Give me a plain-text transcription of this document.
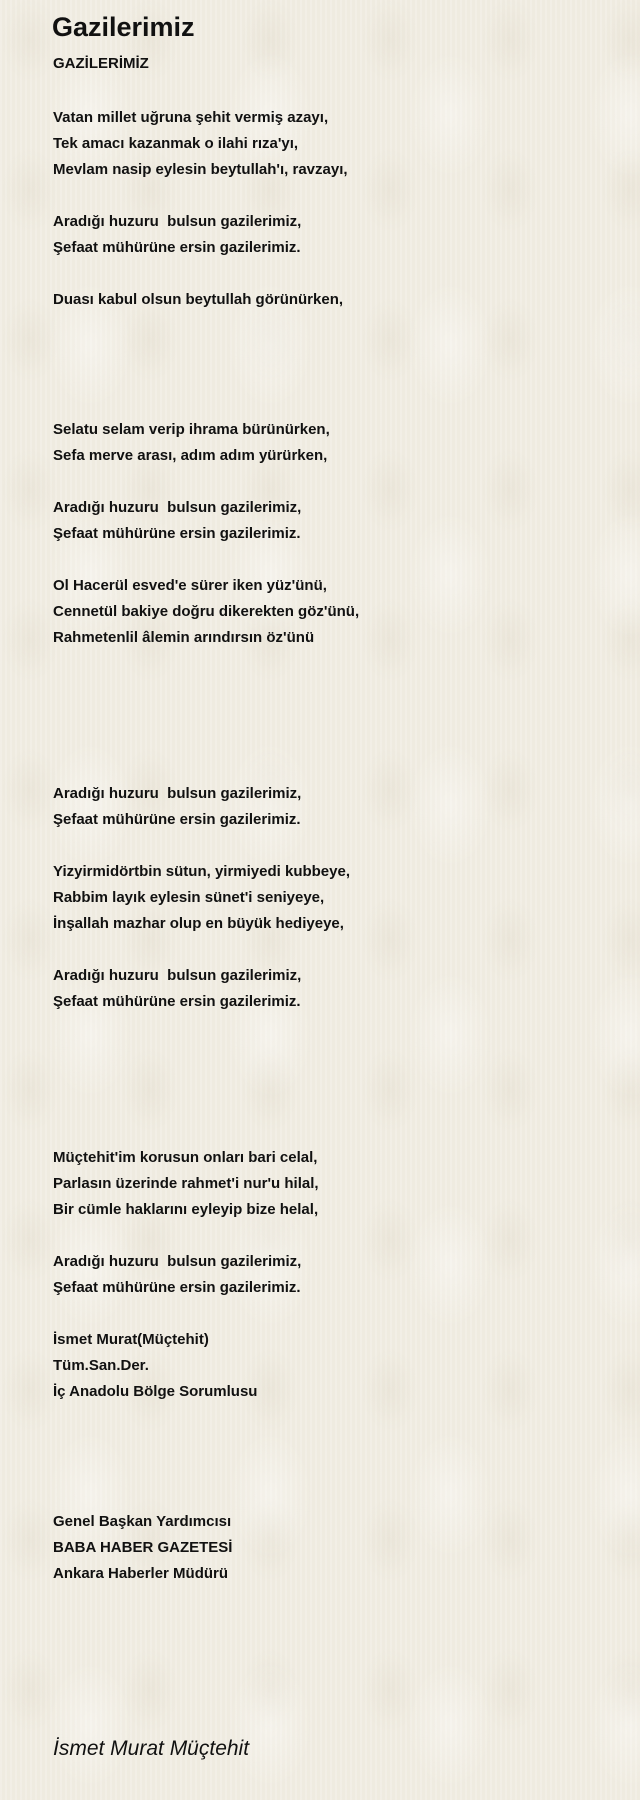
Gazilerimiz
GAZİLERİMİZ
Vatan millet uğruna şehit vermiş azayı,
Tek amacı kazanmak o ilahi rıza'yı,
Mevlam nasip eylesin beytullah'ı, ravzayı,
Aradığı huzuru  bulsun gazilerimiz,
Şefaat mühürüne ersin gazilerimiz.
Duası kabul olsun beytullah görünürken,
Selatu selam verip ihrama bürünürken,
Sefa merve arası, adım adım yürürken,
Aradığı huzuru  bulsun gazilerimiz,
Şefaat mühürüne ersin gazilerimiz.
Ol Hacerül esved'e sürer iken yüz'ünü,
Cennetül bakiye doğru dikerekten göz'ünü,
Rahmetenlil âlemin arındırsın öz'ünü
Aradığı huzuru  bulsun gazilerimiz,
Şefaat mühürüne ersin gazilerimiz.
Yizyirmidörtbin sütun, yirmiyedi kubbeye,
Rabbim layık eylesin sünet'i seniyeye,
İnşallah mazhar olup en büyük hediyeye,
Aradığı huzuru  bulsun gazilerimiz,
Şefaat mühürüne ersin gazilerimiz.
Müçtehit'im korusun onları bari celal,
Parlasın üzerinde rahmet'i nur'u hilal,
Bir cümle haklarını eyleyip bize helal,
Aradığı huzuru  bulsun gazilerimiz,
Şefaat mühürüne ersin gazilerimiz.
İsmet Murat(Müçtehit)
Tüm.San.Der.
İç Anadolu Bölge Sorumlusu
Genel Başkan Yardımcısı
BABA HABER GAZETESİ
Ankara Haberler Müdürü
İsmet Murat Müçtehit
